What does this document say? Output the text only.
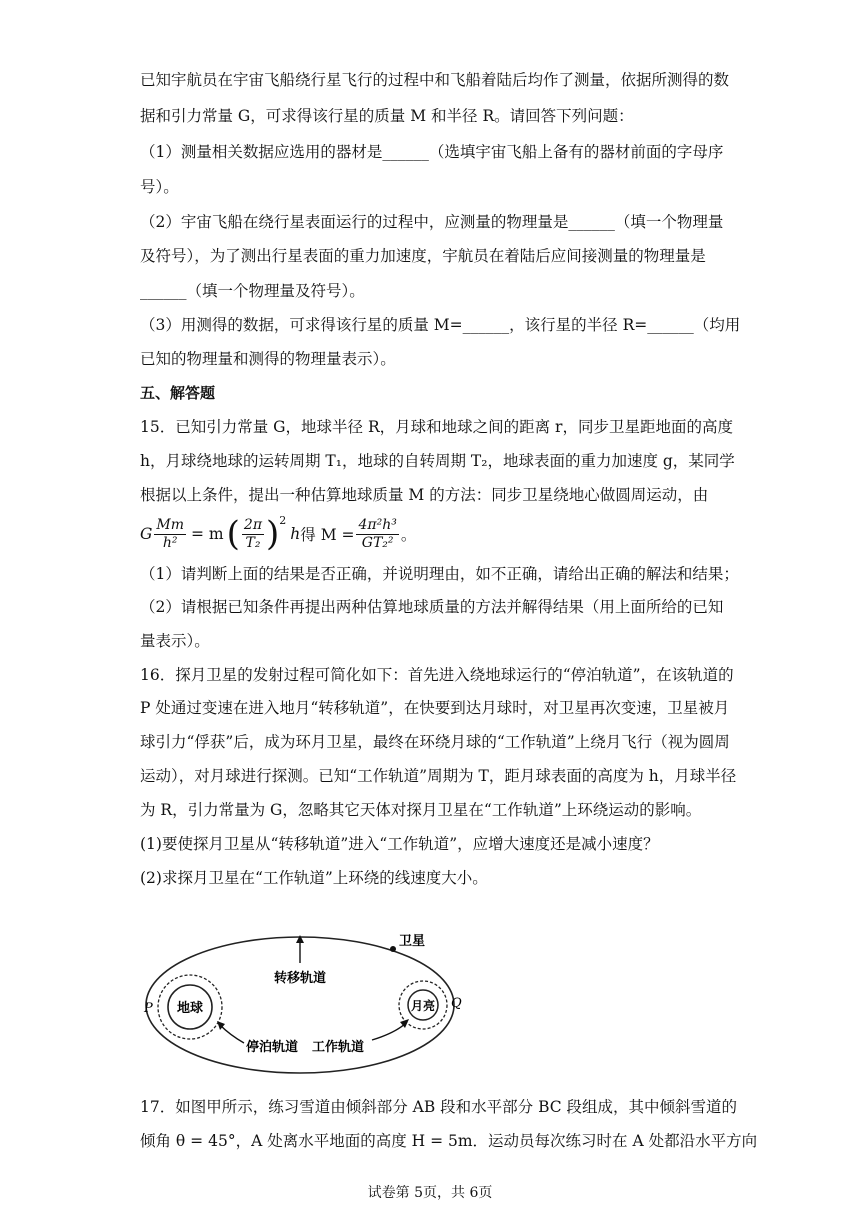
已知宇航员在宇宙飞船绕行星飞行的过程中和飞船着陆后均作了测量，依据所测得的数
据和引力常量 G，可求得该行星的质量 M 和半径 R。请回答下列问题：
（1）测量相关数据应选用的器材是______（选填宇宙飞船上备有的器材前面的字母序
号）。
（2）宇宙飞船在绕行星表面运行的过程中，应测量的物理量是______（填一个物理量
及符号），为了测出行星表面的重力加速度，宇航员在着陆后应间接测量的物理量是
______（填一个物理量及符号）。
（3）用测得的数据，可求得该行星的质量 M=______，该行星的半径 R=______（均用
已知的物理量和测得的物理量表示）。
五、解答题
15．已知引力常量 G，地球半径 R，月球和地球之间的距离 r，同步卫星距地面的高度
h，月球绕地球的运转周期 T₁，地球的自转周期 T₂，地球表面的重力加速度 g，某同学
根据以上条件，提出一种估算地球质量 M 的方法：同步卫星绕地心做圆周运动，由
G $\frac{Mm}{\text{h²}} = m$ ( $\frac{2\pi}{\text{T₂}} )^2$
h 得 $M = \frac{\text{4π²h³}}{\text{GT₂²}}$ 。
（1）请判断上面的结果是否正确，并说明理由，如不正确，请给出正确的解法和结果；
（2）请根据已知条件再提出两种估算地球质量的方法并解得结果（用上面所给的已知
量表示）。
16．探月卫星的发射过程可简化如下：首先进入绕地球运行的“停泊轨道”，在该轨道的
P 处通过变速在进入地月“转移轨道”，在快要到达月球时，对卫星再次变速，卫星被月
球引力“俘获”后，成为环月卫星，最终在环绕月球的“工作轨道”上绕月飞行（视为圆周
运动），对月球进行探测。已知“工作轨道”周期为 T，距月球表面的高度为 h，月球半径
为 R，引力常量为 G，忽略其它天体对探月卫星在“工作轨道”上环绕运动的影响。
(1)要使探月卫星从“转移轨道”进入“工作轨道”，应增大速度还是减小速度？
(2)求探月卫星在“工作轨道”上环绕的线速度大小。
卫星
转移轨道
地球	月亮
停泊轨道 工作轨道
P	Q
17．如图甲所示，练习雪道由倾斜部分 AB 段和水平部分 BC 段组成，其中倾斜雪道的
倾角 θ = 45°，A 处离水平地面的高度 H = 5m．运动员每次练习时在 A 处都沿水平方向
试卷第 5页，共 6页
